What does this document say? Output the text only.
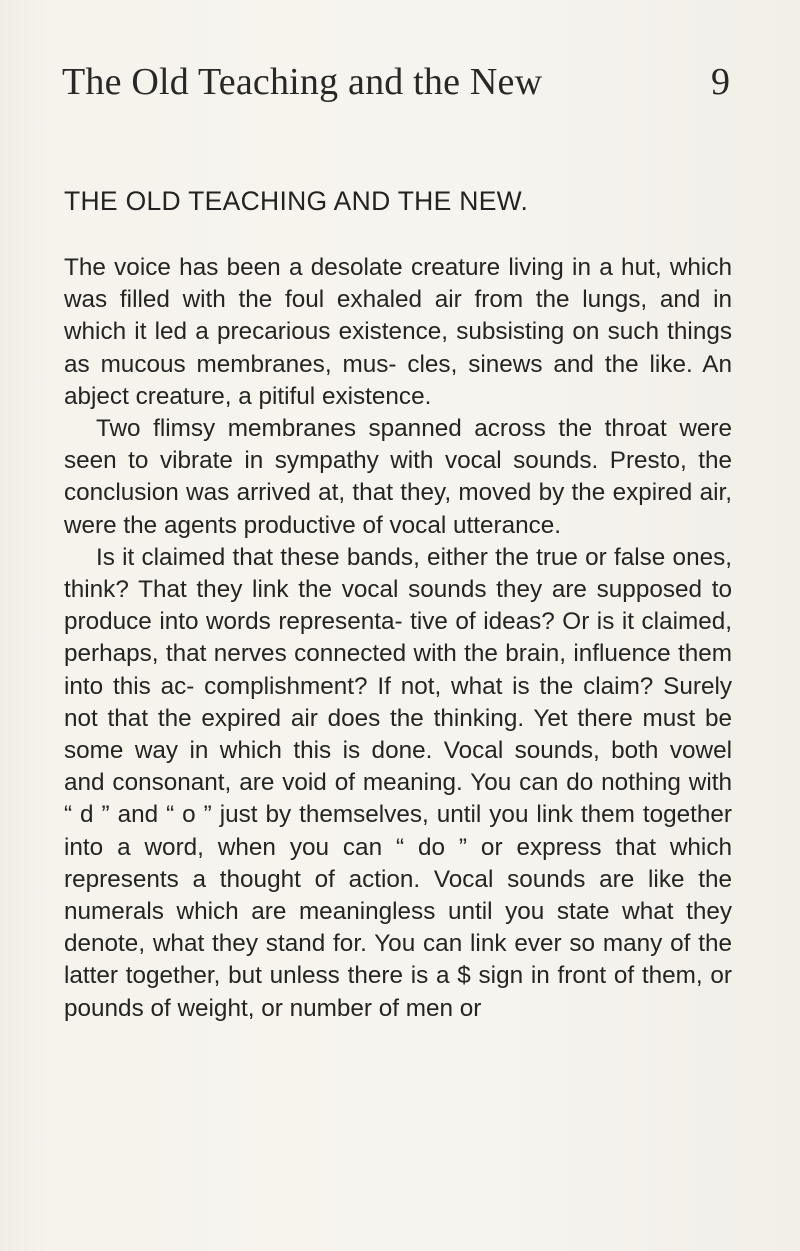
The Old Teaching and the New	9
THE OLD TEACHING AND THE NEW.

The voice has been a desolate creature living in a hut, which was filled with the foul exhaled air from the lungs, and in which it led a precarious existence, subsisting on such things as mucous membranes, mus- cles, sinews and the like. An abject creature, a pitiful existence.

Two flimsy membranes spanned across the throat were seen to vibrate in sympathy with vocal sounds. Presto, the conclusion was arrived at, that they, moved by the expired air, were the agents productive of vocal utterance.

Is it claimed that these bands, either the true or false ones, think? That they link the vocal sounds they are supposed to produce into words representa- tive of ideas? Or is it claimed, perhaps, that nerves connected with the brain, influence them into this ac- complishment? If not, what is the claim? Surely not that the expired air does the thinking. Yet there must be some way in which this is done. Vocal sounds, both vowel and consonant, are void of meaning. You can do nothing with “ d ” and “ o ” just by themselves, until you link them together into a word, when you can “ do ” or express that which represents a thought of action. Vocal sounds are like the numerals which are meaningless until you state what they denote, what they stand for. You can link ever so many of the latter together, but unless there is a $ sign in front of them, or pounds of weight, or number of men or
